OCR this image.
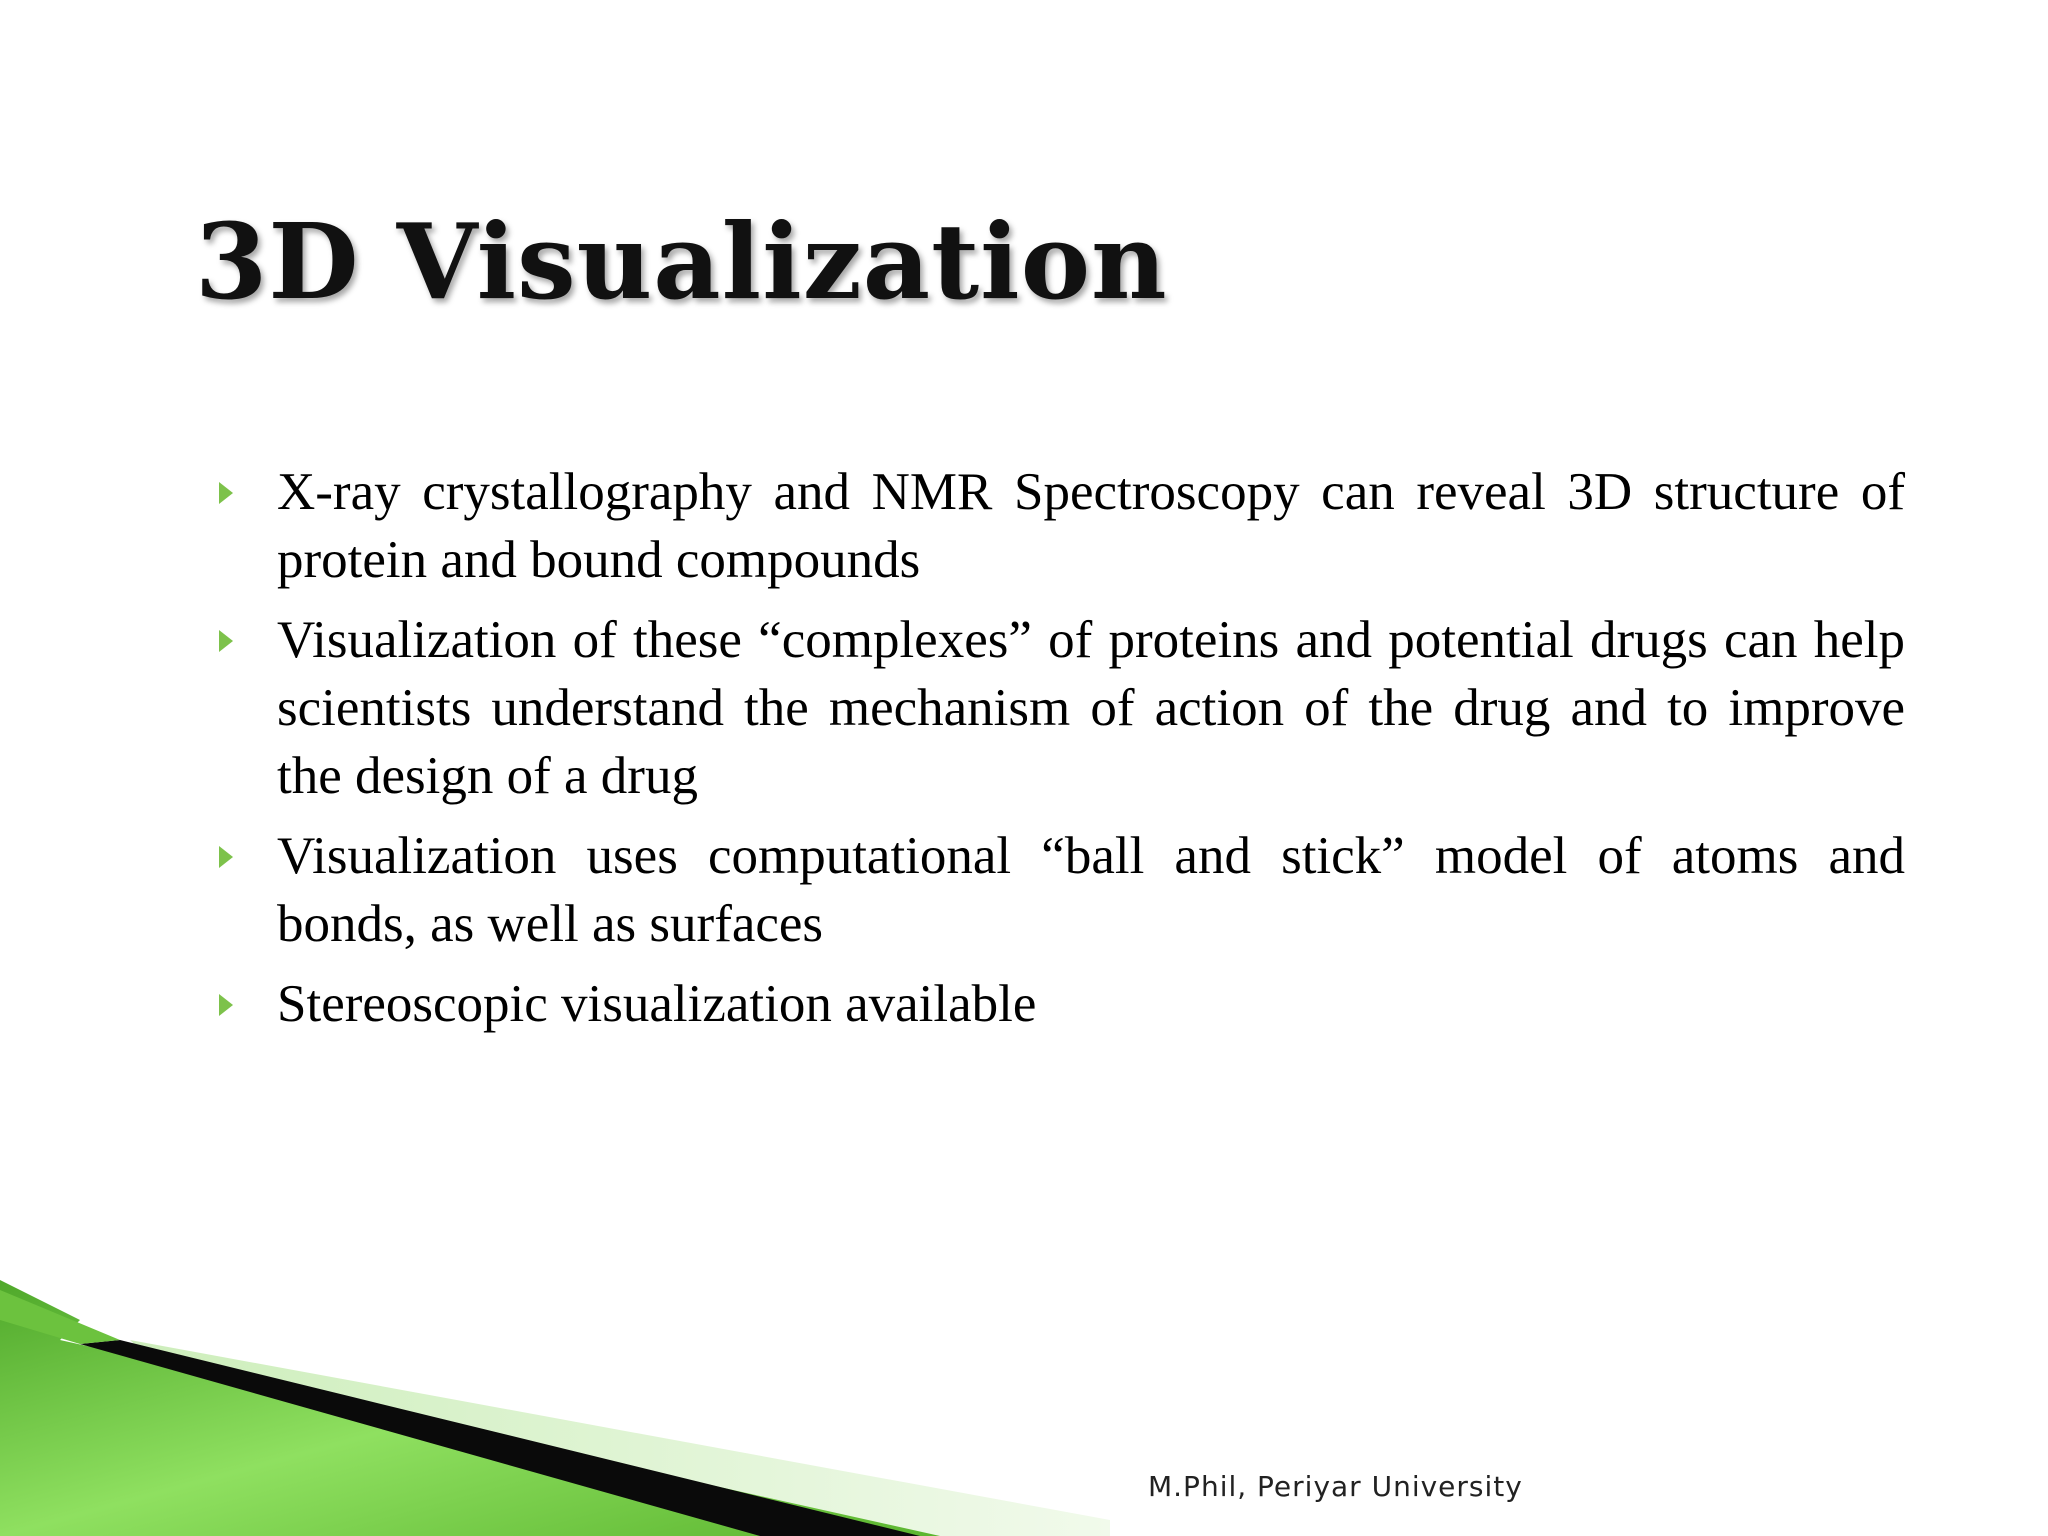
3D Visualization
X-ray crystallography and NMR Spectroscopy can reveal 3D structure of protein and bound compounds
Visualization of these “complexes” of proteins and potential drugs can help scientists understand the mechanism of action of the drug and to improve the design of a drug
Visualization uses computational “ball and stick” model of atoms and bonds, as well as surfaces
Stereoscopic visualization available
M.Phil, Periyar University
